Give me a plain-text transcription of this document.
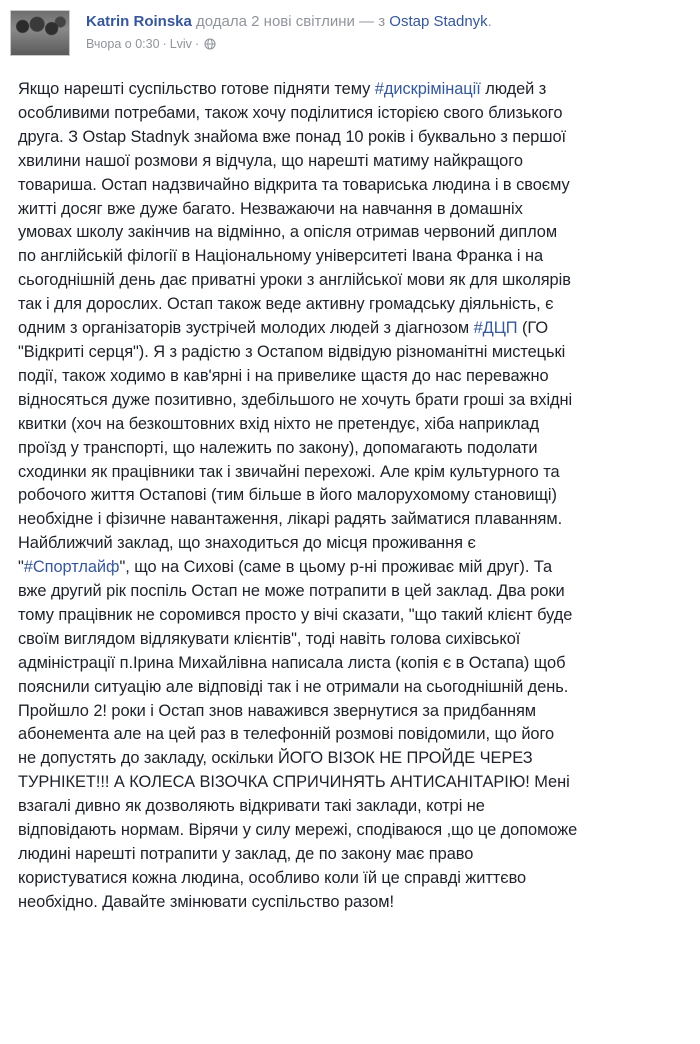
Katrin Roinska додала 2 нові світлини — з Ostap Stadnyk.
Вчора о 0:30 · Lviv ·
Якщо нарешті суспільство готове підняти тему #дискрімінації людей з
особливими потребами, також хочу поділитися історією свого близького
друга. З Ostap Stadnyk знайома вже понад 10 років і буквально з першої
хвилини нашої розмови я відчула, що нарешті матиму найкращого
товариша. Остап надзвичайно відкрита та товариська людина і в своєму
житті досяг вже дуже багато. Незважаючи на навчання в домашніх
умовах школу закінчив на відмінно, а опісля отримав червоний диплом
по англійській філогії в Національному університеті Івана Франка і на
сьогоднішній день дає приватні уроки з англійської мови як для школярів
так і для дорослих. Остап також веде активну громадську діяльність, є
одним з організаторів зустрічей молодих людей з діагнозом #ДЦП (ГО
"Відкриті серця"). Я з радістю з Остапом відвідую різноманітні мистецькі
події, також ходимо в кав'ярні і на привелике щастя до нас переважно
відносяться дуже позитивно, здебільшого не хочуть брати гроші за вхідні
квитки (хоч на безкоштовних вхід ніхто не претендує, хіба наприклад
проїзд у транспорті, що належить по закону), допомагають подолати
сходинки як працівники так і звичайні перехожі. Але крім культурного та
робочого життя Остапові (тим більше в його малорухомому становищі)
необхідне і фізичне навантаження, лікарі радять займатися плаванням.
Найближчий заклад, що знаходиться до місця проживання є
"#Спортлайф", що на Сихові (саме в цьому р-ні проживає мій друг). Та
вже другий рік поспіль Остап не може потрапити в цей заклад. Два роки
тому працівник не соромився просто у вічі сказати, "що такий клієнт буде
своїм виглядом відлякувати клієнтів", тоді навіть голова сихівської
адміністрації п.Ірина Михайлівна написала листа (копія є в Остапа) щоб
пояснили ситуацію але відповіді так і не отримали на сьогоднішній день.
Пройшло 2! роки і Остап знов наважився звернутися за придбанням
абонемента але на цей раз в телефонній розмові повідомили, що його
не допустять до закладу, оскільки ЙОГО ВІЗОК НЕ ПРОЙДЕ ЧЕРЕЗ
ТУРНІКЕТ!!! А КОЛЕСА ВІЗОЧКА СПРИЧИНЯТЬ АНТИСАНІТАРІЮ! Мені
взагалі дивно як дозволяють відкривати такі заклади, котрі не
відповідають нормам. Вірячи у силу мережі, сподіваюся ,що це допоможе
людині нарешті потрапити у заклад, де по закону має право
користуватися кожна людина, особливо коли їй це справді життєво
необхідно. Давайте змінювати суспільство разом!
